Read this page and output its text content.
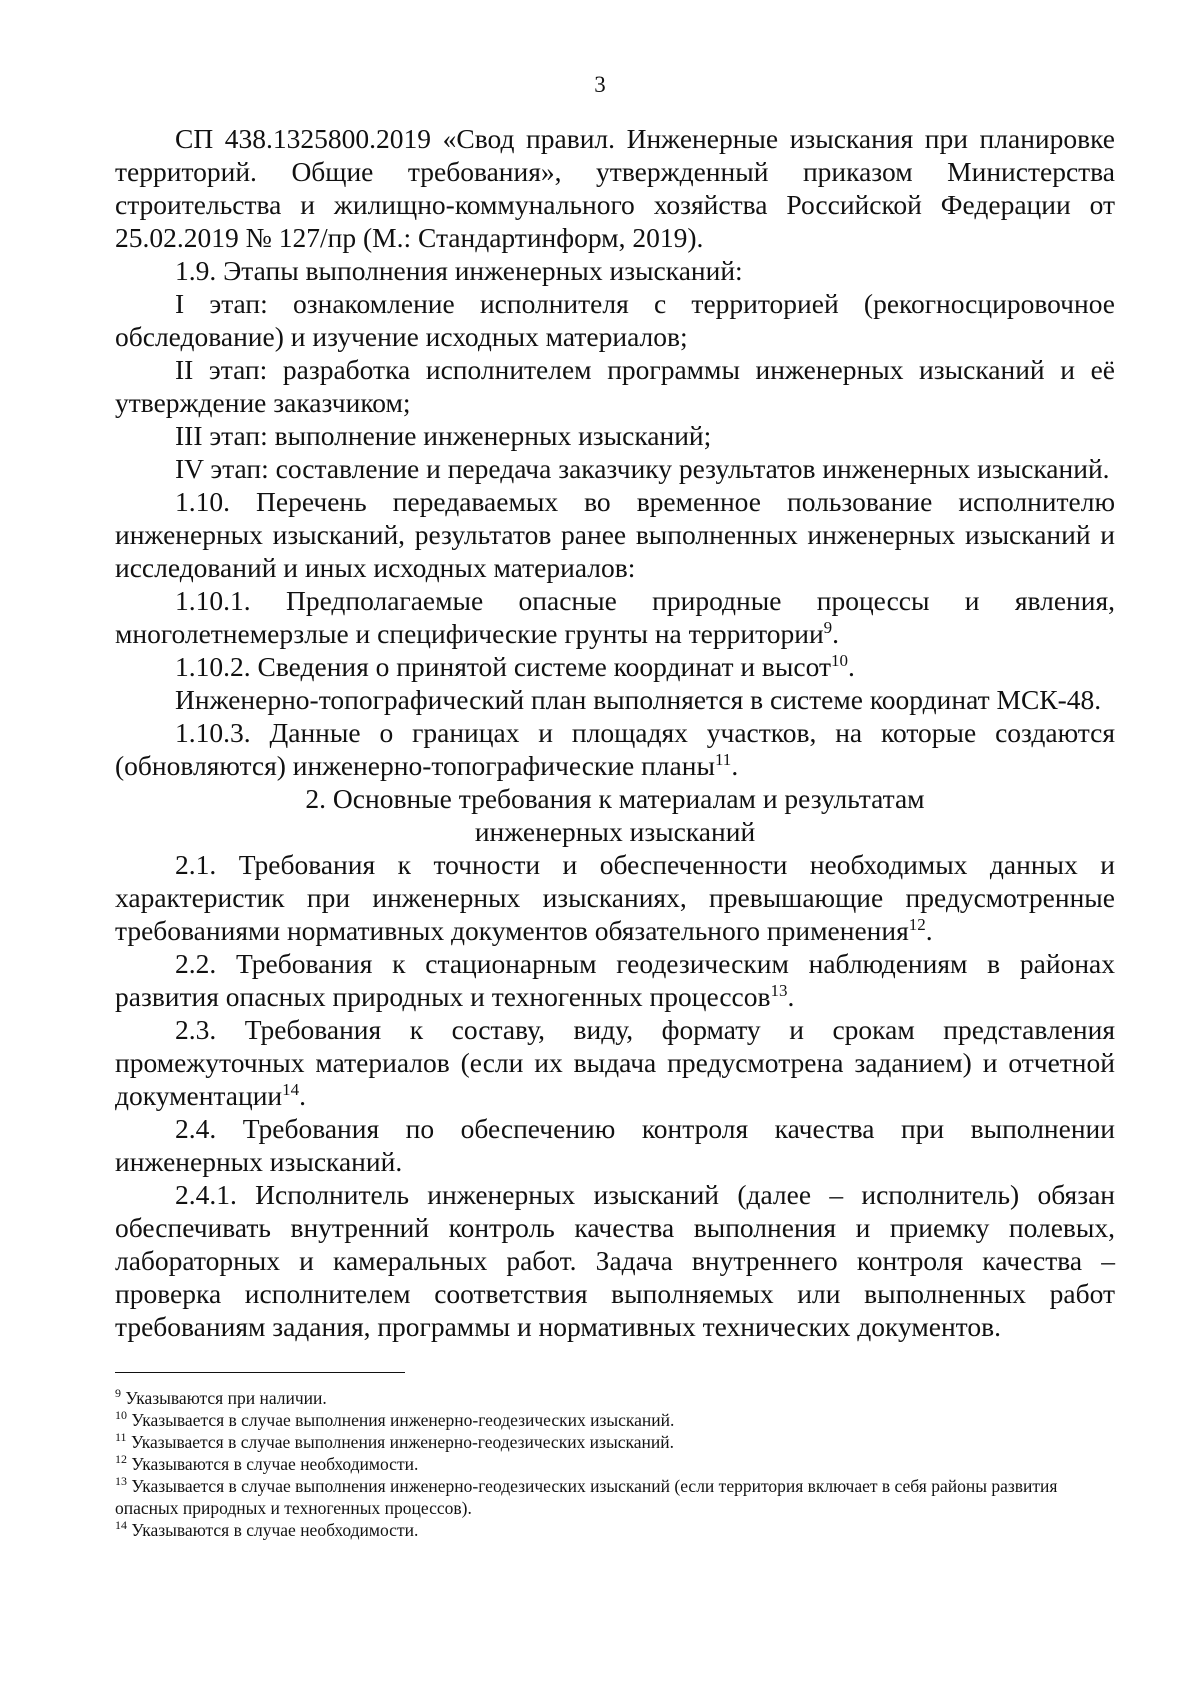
3

СП 438.1325800.2019 «Свод правил. Инженерные изыскания при планировке территорий. Общие требования», утвержденный приказом Министерства строительства и жилищно-коммунального хозяйства Российской Федерации от 25.02.2019 № 127/пр (М.: Стандартинформ, 2019).

1.9. Этапы выполнения инженерных изысканий:

I этап: ознакомление исполнителя с территорией (рекогносцировочное обследование) и изучение исходных материалов;

II этап: разработка исполнителем программы инженерных изысканий и её утверждение заказчиком;

III этап: выполнение инженерных изысканий;

IV этап: составление и передача заказчику результатов инженерных изысканий.

1.10. Перечень передаваемых во временное пользование исполнителю инженерных изысканий, результатов ранее выполненных инженерных изысканий и исследований и иных исходных материалов:

1.10.1. Предполагаемые опасные природные процессы и явления, многолетнемерзлые и специфические грунты на территории$^9$.

1.10.2. Сведения о принятой системе координат и высот$^{10}$.

Инженерно-топографический план выполняется в системе координат МСК-48.

1.10.3. Данные о границах и площадях участков, на которые создаются (обновляются) инженерно-топографические планы$^{11}$.

2. Основные требования к материалам и результатам

инженерных изысканий

2.1. Требования к точности и обеспеченности необходимых данных и характеристик при инженерных изысканиях, превышающие предусмотренные требованиями нормативных документов обязательного применения$^{12}$.

2.2. Требования к стационарным геодезическим наблюдениям в районах развития опасных природных и техногенных процессов$^{13}$.

2.3. Требования к составу, виду, формату и срокам представления промежуточных материалов (если их выдача предусмотрена заданием) и отчетной документации$^{14}$.

2.4. Требования по обеспечению контроля качества при выполнении инженерных изысканий.

2.4.1. Исполнитель инженерных изысканий (далее – исполнитель) обязан обеспечивать внутренний контроль качества выполнения и приемку полевых, лабораторных и камеральных работ. Задача внутреннего контроля качества – проверка исполнителем соответствия выполняемых или выполненных работ требованиям задания, программы и нормативных технических документов.

$^9$ Указываются при наличии.

$^{10}$ Указывается в случае выполнения инженерно-геодезических изысканий.

$^{11}$ Указывается в случае выполнения инженерно-геодезических изысканий.

$^{12}$ Указываются в случае необходимости.

$^{13}$ Указывается в случае выполнения инженерно-геодезических изысканий (если территория включает в себя районы развития опасных природных и техногенных процессов).

$^{14}$ Указываются в случае необходимости.
